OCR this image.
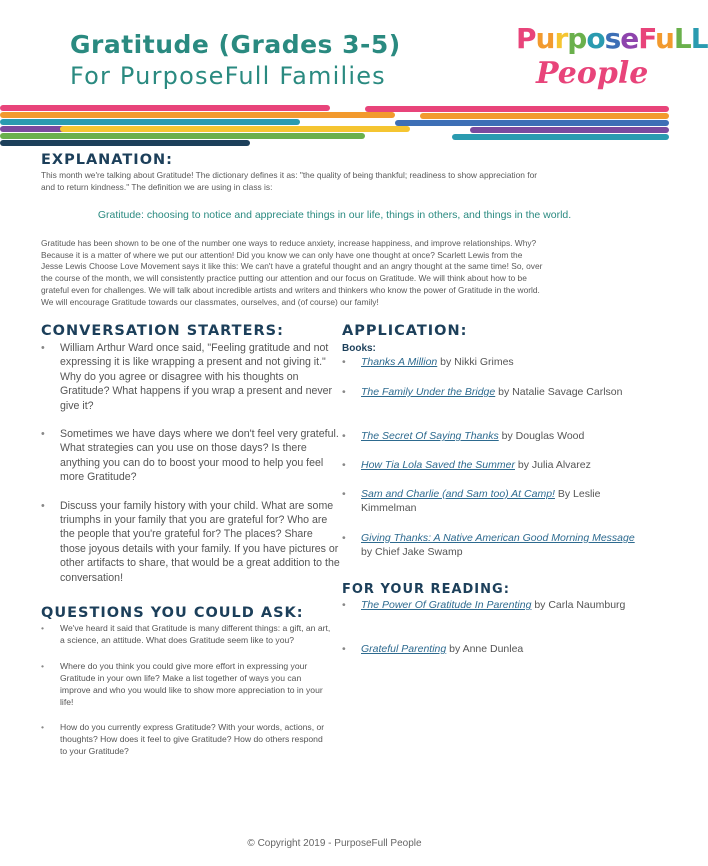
Gratitude (Grades 3-5)
For PurposeFull Families
PurposeFuLL
People
EXPLANATION:
This month we're talking about Gratitude! The dictionary defines it as: "the quality of being thankful; readiness to show appreciation for
and to return kindness." The definition we are using in class is:
Gratitude: choosing to notice and appreciate things in our life, things in others, and things in the world.
Gratitude has been shown to be one of the number one ways to reduce anxiety, increase happiness, and improve relationships. Why?
Because it is a matter of where we put our attention! Did you know we can only have one thought at once? Scarlett Lewis from the
Jesse Lewis Choose Love Movement says it like this: We can't have a grateful thought and an angry thought at the same time! So, over
the course of the month, we will consistently practice putting our attention and our focus on Gratitude. We will think about how to be
grateful even for challenges. We will talk about incredible artists and writers and thinkers who know the power of Gratitude in the world.
We will encourage Gratitude towards our classmates, ourselves, and (of course) our family!
CONVERSATION STARTERS:
• William Arthur Ward once said, "Feeling gratitude and not expressing it is like wrapping a present and not giving it." Why do you agree or disagree with his thoughts on Gratitude? What happens if you wrap a present and never give it?
• Sometimes we have days where we don't feel very grateful. What strategies can you use on those days? Is there anything you can do to boost your mood to help you feel more Gratitude?
• Discuss your family history with your child. What are some triumphs in your family that you are grateful for? Who are the people that you're grateful for? The places? Share those joyous details with your family. If you have pictures or other artifacts to share, that would be a great addition to the conversation!
QUESTIONS YOU COULD ASK:
• We've heard it said that Gratitude is many different things: a gift, an art, a science, an attitude. What does Gratitude seem like to you?
• Where do you think you could give more effort in expressing your Gratitude in your own life? Make a list together of ways you can improve and who you would like to show more appreciation to in your life!
• How do you currently express Gratitude? With your words, actions, or thoughts? How does it feel to give Gratitude? How do others respond to your Gratitude?
APPLICATION:
Books:
• Thanks A Million by Nikki Grimes
• The Family Under the Bridge by Natalie Savage Carlson
• The Secret Of Saying Thanks by Douglas Wood
• How Tia Lola Saved the Summer by Julia Alvarez
• Sam and Charlie (and Sam too) At Camp! By Leslie Kimmelman
• Giving Thanks: A Native American Good Morning Message by Chief Jake Swamp
FOR YOUR READING:
• The Power Of Gratitude In Parenting by Carla Naumburg
• Grateful Parenting by Anne Dunlea
© Copyright 2019 - PurposeFull People
